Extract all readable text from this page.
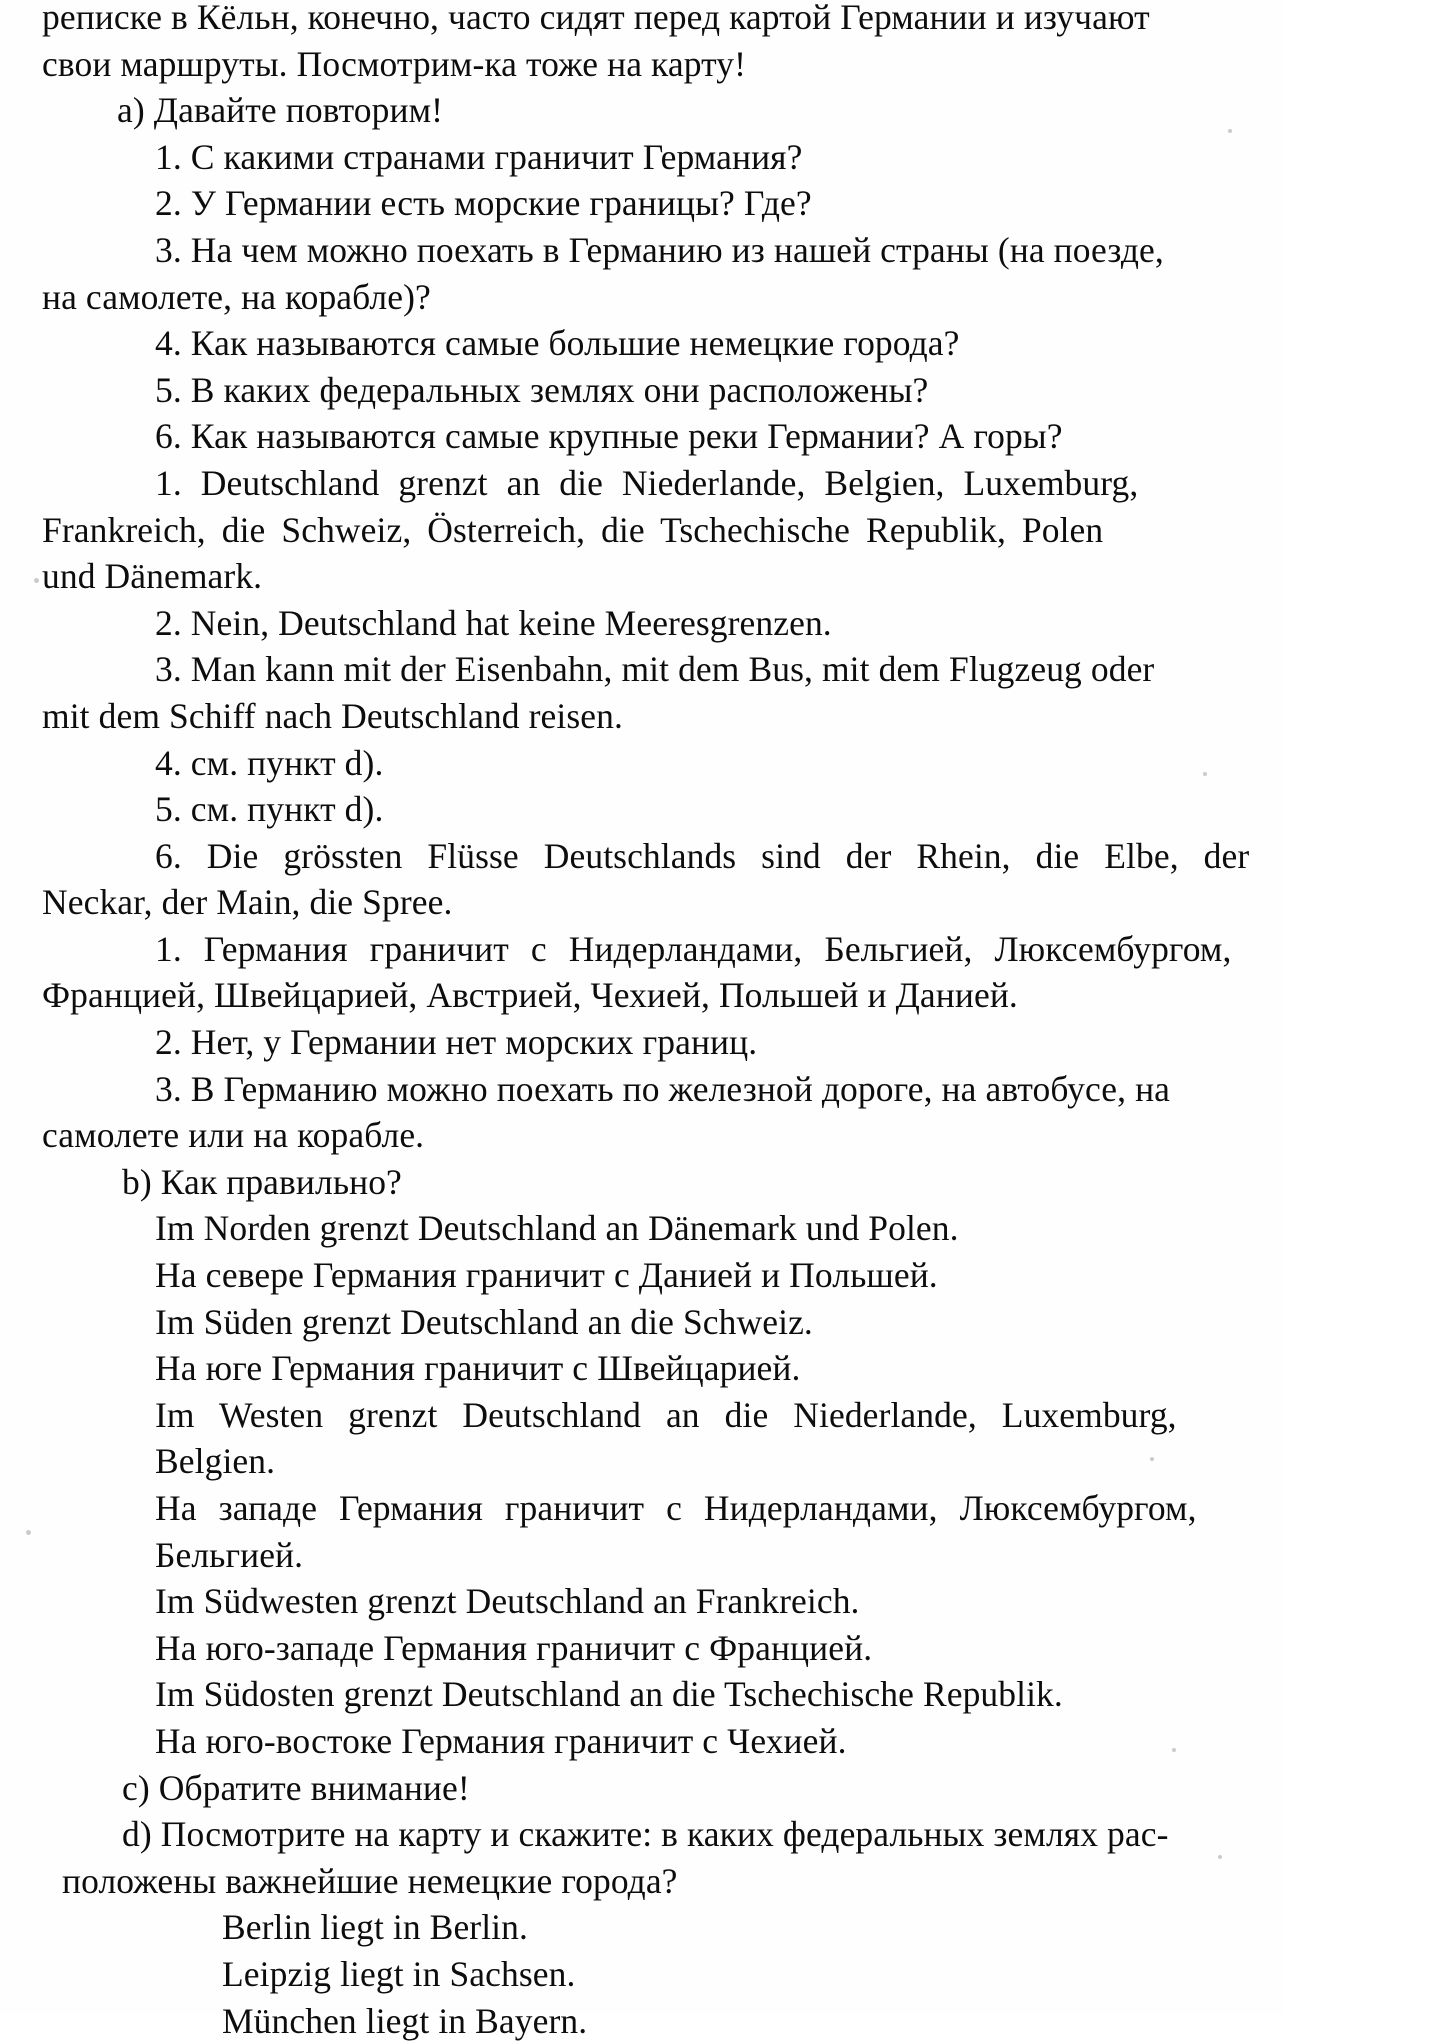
реписке в Кёльн, конечно, часто сидят перед картой Германии и изучают
свои маршруты. Посмотрим-ка тоже на карту!
a) Давайте повторим!
1. С какими странами граничит Германия?
2. У Германии есть морские границы? Где?
3. На чем можно поехать в Германию из нашей страны (на поезде,
на самолете, на корабле)?
4. Как называются самые большие немецкие города?
5. В каких федеральных землях они расположены?
6. Как называются самые крупные реки Германии? А горы?
1. Deutschland grenzt an die Niederlande, Belgien, Luxemburg,
Frankreich, die Schweiz, Österreich, die Tschechische Republik, Polen
und Dänemark.
2. Nein, Deutschland hat keine Meeresgrenzen.
3. Man kann mit der Eisenbahn, mit dem Bus, mit dem Flugzeug oder
mit dem Schiff nach Deutschland reisen.
4. см. пункт d).
5. см. пункт d).
6. Die grössten Flüsse Deutschlands sind der Rhein, die Elbe, der
Neckar, der Main, die Spree.
1. Германия граничит с Нидерландами, Бельгией, Люксембургом,
Францией, Швейцарией, Австрией, Чехией, Польшей и Данией.
2. Нет, у Германии нет морских границ.
3. В Германию можно поехать по железной дороге, на автобусе, на
самолете или на корабле.
b) Как правильно?
Im Norden grenzt Deutschland an Dänemark und Polen.
На севере Германия граничит с Данией и Польшей.
Im Süden grenzt Deutschland an die Schweiz.
На юге Германия граничит с Швейцарией.
Im Westen grenzt Deutschland an die Niederlande, Luxemburg,
Belgien.
На западе Германия граничит с Нидерландами, Люксембургом,
Бельгией.
Im Südwesten grenzt Deutschland an Frankreich.
На юго-западе Германия граничит с Францией.
Im Südosten grenzt Deutschland an die Tschechische Republik.
На юго-востоке Германия граничит с Чехией.
c) Обратите внимание!
d) Посмотрите на карту и скажите: в каких федеральных землях рас-
положены важнейшие немецкие города?
Berlin liegt in Berlin.
Leipzig liegt in Sachsen.
München liegt in Bayern.
